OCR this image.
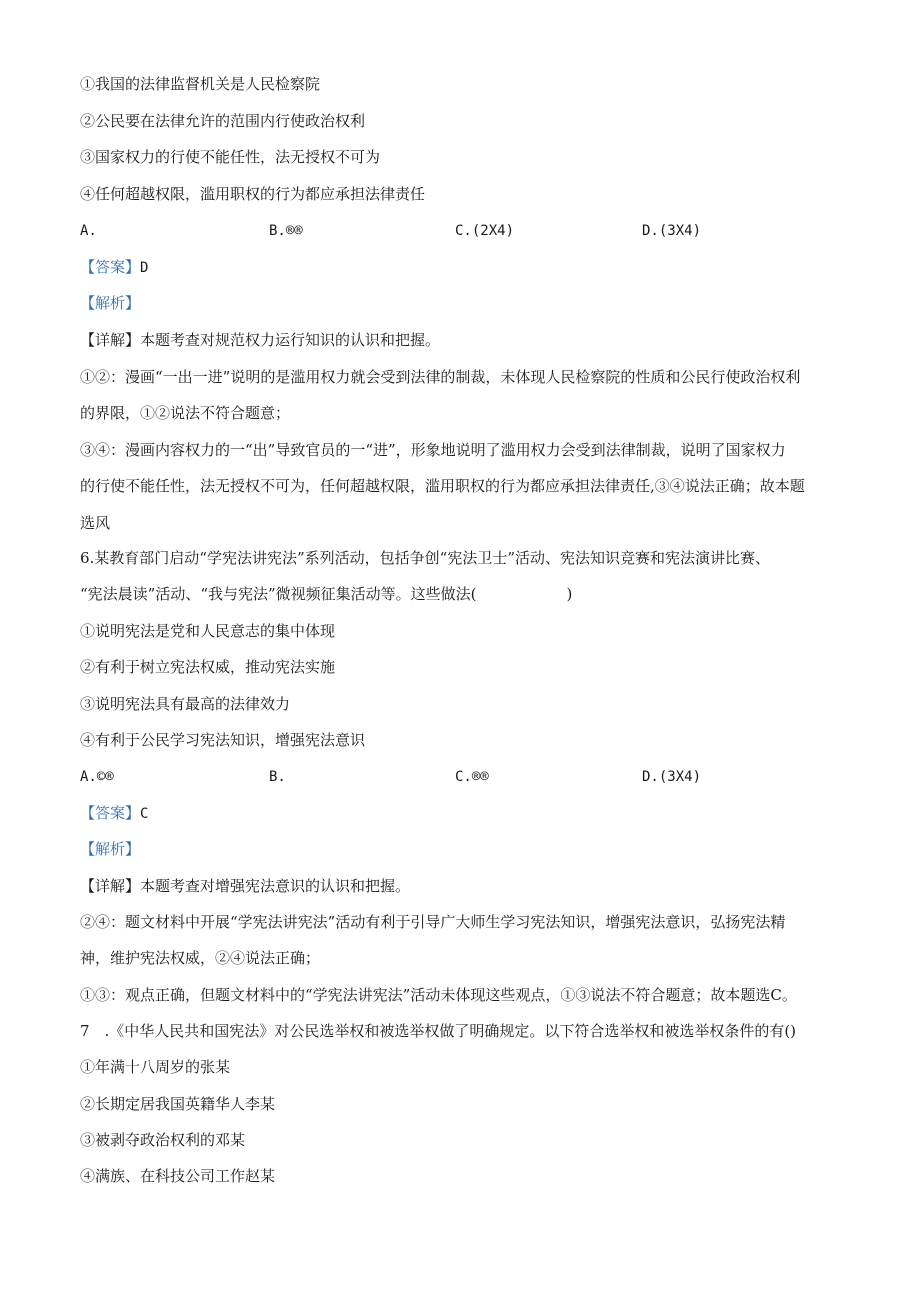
①我国的法律监督机关是人民检察院
②公民要在法律允许的范围内行使政治权利
③国家权力的行使不能任性，法无授权不可为
④任何超越权限，滥用职权的行为都应承担法律责任
A.	B.®®	C.(2X4)	D.(3X4)
【答案】D
【解析】
【详解】本题考查对规范权力运行知识的认识和把握。
①②：漫画“一出一进”说明的是滥用权力就会受到法律的制裁，未体现人民检察院的性质和公民行使政治权利
的界限，①②说法不符合题意；
③④：漫画内容权力的一“出”导致官员的一“进”，形象地说明了滥用权力会受到法律制裁，说明了国家权力
的行使不能任性，法无授权不可为，任何超越权限，滥用职权的行为都应承担法律责任,③④说法正确；故本题
选风
6.某教育部门启动“学宪法讲宪法”系列活动，包括争创“宪法卫士”活动、宪法知识竞赛和宪法演讲比赛、
“宪法晨读”活动、“我与宪法”微视频征集活动等。这些做法(　　　　　　)
①说明宪法是党和人民意志的集中体现
②有利于树立宪法权威，推动宪法实施
③说明宪法具有最高的法律效力
④有利于公民学习宪法知识，增强宪法意识
A.©®	B.	C.®®	D.(3X4)
【答案】C
【解析】
【详解】本题考查对增强宪法意识的认识和把握。
②④：题文材料中开展“学宪法讲宪法”活动有利于引导广大师生学习宪法知识，增强宪法意识，弘扬宪法精
神，维护宪法权威，②④说法正确；
①③：观点正确，但题文材料中的“学宪法讲宪法”活动未体现这些观点，①③说法不符合题意；故本题选C。
7　.《中华人民共和国宪法》对公民选举权和被选举权做了明确规定。以下符合选举权和被选举权条件的有()
①年满十八周岁的张某
②长期定居我国英籍华人李某
③被剥夺政治权利的邓某
④满族、在科技公司工作赵某
